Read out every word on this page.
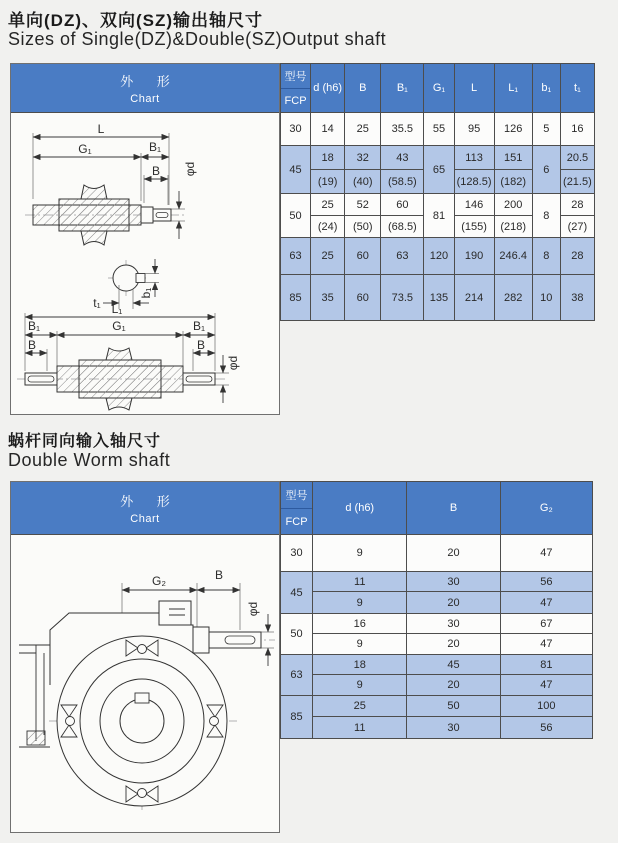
单向(DZ)、双向(SZ)输出轴尺寸
Sizes of Single(DZ)&Double(SZ)Output shaft
外 形
Chart
L
G₁	B₁
B φd
t₁
b₁
L₁
B₁	G₁	B₁
B	B
φd
型号
FCP	d (h6)	B	B₁	G₁	L	L₁	b₁	t₁
30	14	25	35.5	55	95	126	5	16
45	18	32	43	65	113	151	6	20.5
	(19)	(40)	(58.5)		(128.5)	(182)		(21.5)
50	25	52	60	81	146	200	8	28
	(24)	(50)	(68.5)		(155)	(218)		(27)
63	25	60	63	120	190	246.4	8	28
85	35	60	73.5	135	214	282	10	38
蜗杆同向输入轴尺寸
Double Worm shaft
外 形
Chart
G₂	B
φd
型号
FCP	d (h6)	B	G₂
30	9	20	47
45	11	30	56
	9	20	47
50	16	30	67
	9	20	47
63	18	45	81
	9	20	47
85	25	50	100
	11	30	56
